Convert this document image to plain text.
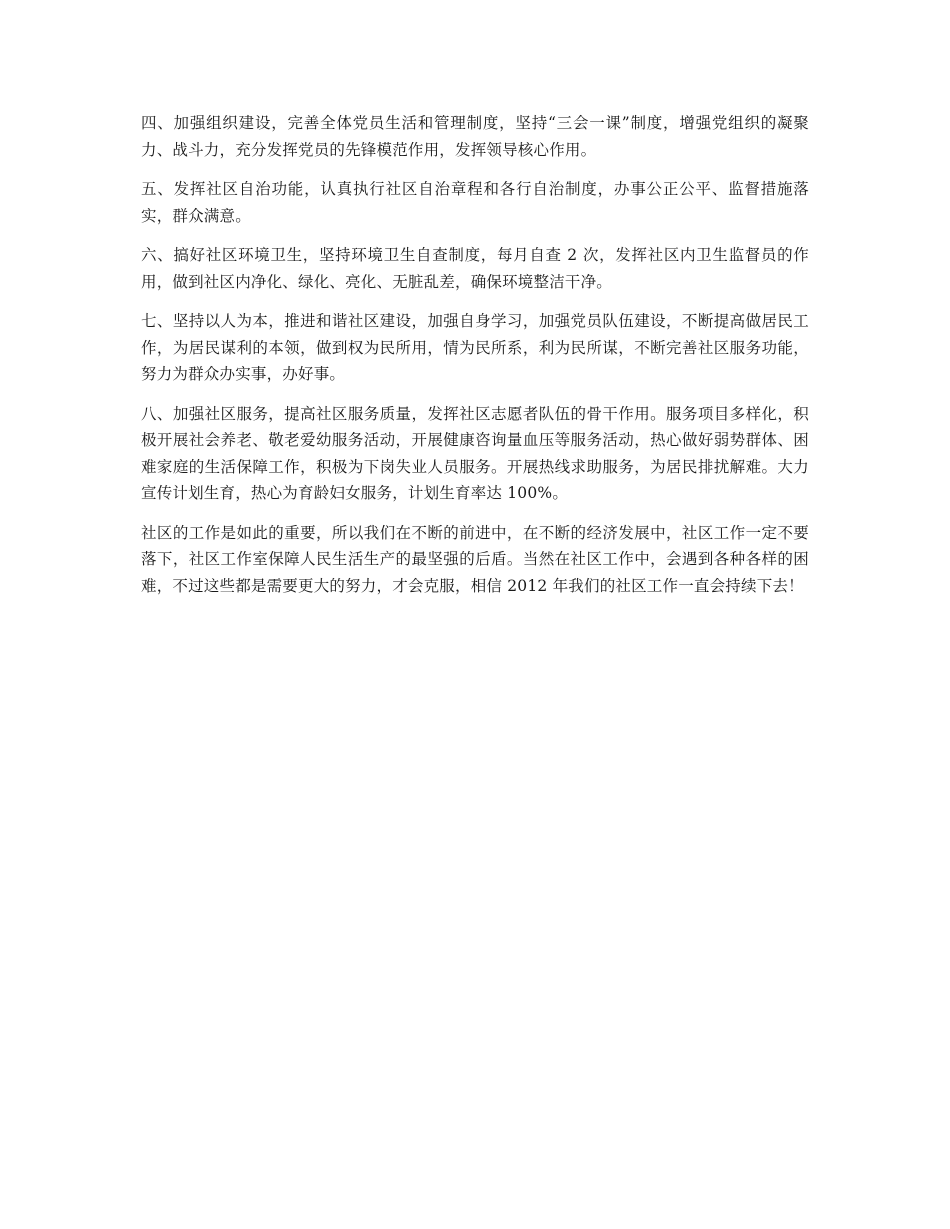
四、加强组织建设，完善全体党员生活和管理制度，坚持“三会一课”制度，增强党组织的凝聚力、战斗力，充分发挥党员的先锋模范作用，发挥领导核心作用。

五、发挥社区自治功能，认真执行社区自治章程和各行自治制度，办事公正公平、监督措施落实，群众满意。

六、搞好社区环境卫生，坚持环境卫生自查制度，每月自查 2 次，发挥社区内卫生监督员的作用，做到社区内净化、绿化、亮化、无脏乱差，确保环境整洁干净。

七、坚持以人为本，推进和谐社区建设，加强自身学习，加强党员队伍建设，不断提高做居民工作，为居民谋利的本领，做到权为民所用，情为民所系，利为民所谋，不断完善社区服务功能，努力为群众办实事，办好事。

八、加强社区服务，提高社区服务质量，发挥社区志愿者队伍的骨干作用。服务项目多样化，积极开展社会养老、敬老爱幼服务活动，开展健康咨询量血压等服务活动，热心做好弱势群体、困难家庭的生活保障工作，积极为下岗失业人员服务。开展热线求助服务，为居民排扰解难。大力宣传计划生育，热心为育龄妇女服务，计划生育率达 100%。

社区的工作是如此的重要，所以我们在不断的前进中，在不断的经济发展中，社区工作一定不要落下，社区工作室保障人民生活生产的最坚强的后盾。当然在社区工作中，会遇到各种各样的困难，不过这些都是需要更大的努力，才会克服，相信 2012 年我们的社区工作一直会持续下去！
